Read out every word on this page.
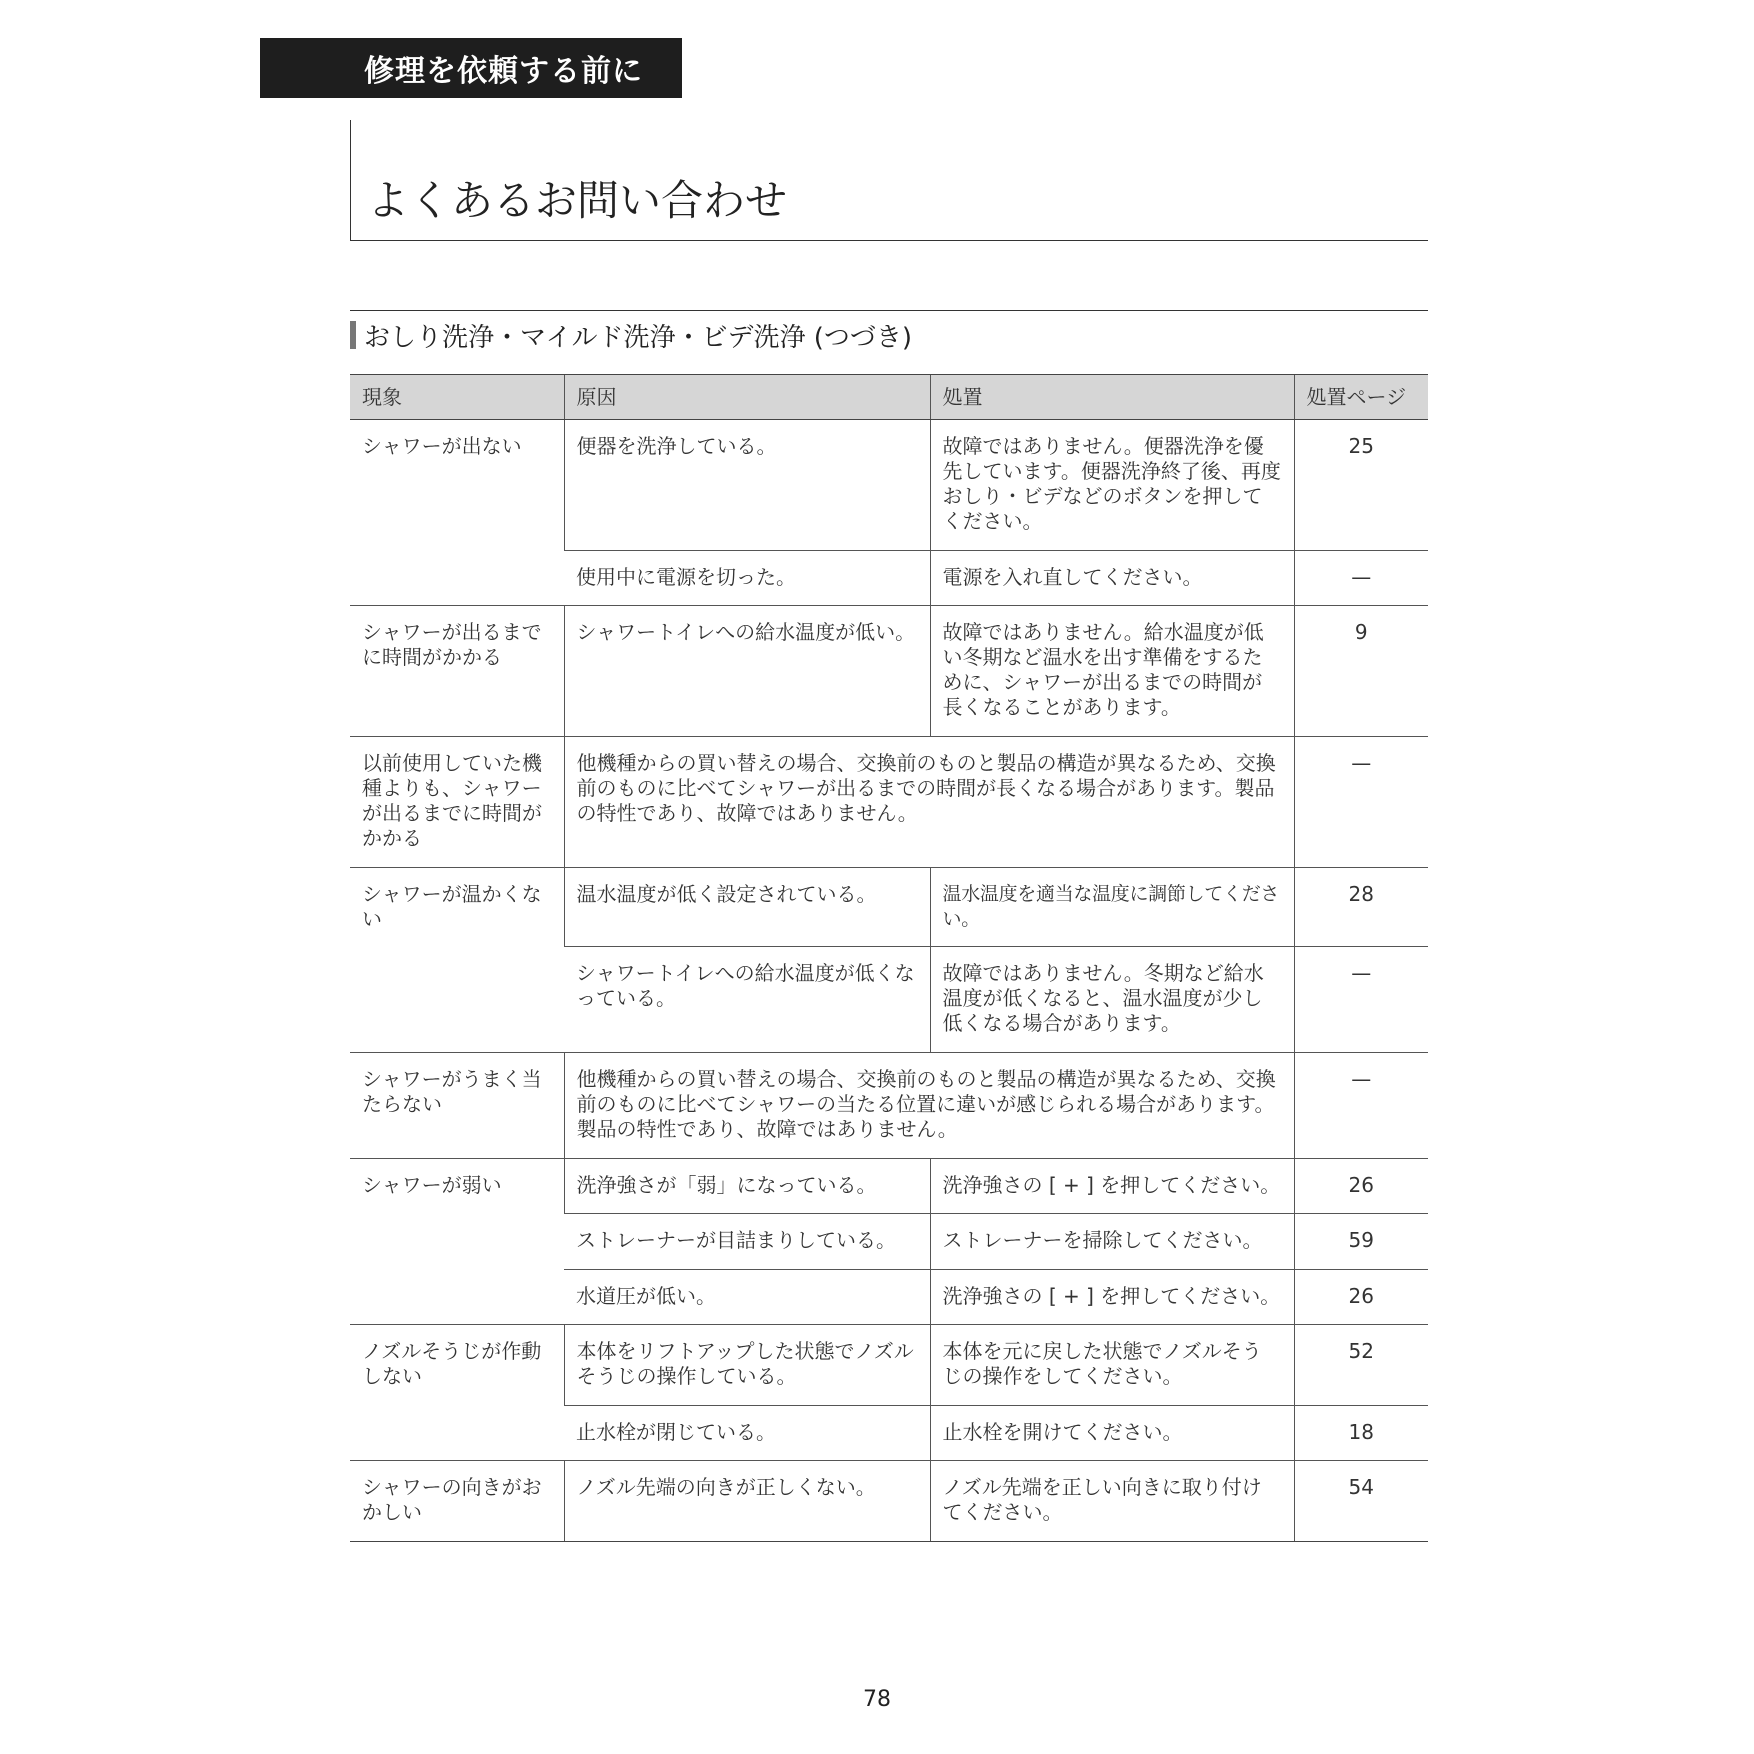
修理を依頼する前に
よくあるお問い合わせ
おしり洗浄・マイルド洗浄・ビデ洗浄 (つづき)
現象	原因	処置	処置ページ
シャワーが出ない	便器を洗浄している。	故障ではありません。便器洗浄を優先しています。便器洗浄終了後、再度おしり・ビデなどのボタンを押してください。	25
	使用中に電源を切った。	電源を入れ直してください。	—
シャワーが出るまでに時間がかかる	シャワートイレへの給水温度が低い。	故障ではありません。給水温度が低い冬期など温水を出す準備をするために、シャワーが出るまでの時間が長くなることがあります。	9
以前使用していた機種よりも、シャワーが出るまでに時間がかかる	他機種からの買い替えの場合、交換前のものと製品の構造が異なるため、交換前のものに比べてシャワーが出るまでの時間が長くなる場合があります。製品の特性であり、故障ではありません。		—
シャワーが温かくない	温水温度が低く設定されている。	温水温度を適当な温度に調節してください。	28
	シャワートイレへの給水温度が低くなっている。	故障ではありません。冬期など給水温度が低くなると、温水温度が少し低くなる場合があります。	—
シャワーがうまく当たらない	他機種からの買い替えの場合、交換前のものと製品の構造が異なるため、交換前のものに比べてシャワーの当たる位置に違いが感じられる場合があります。製品の特性であり、故障ではありません。		—
シャワーが弱い	洗浄強さが「弱」になっている。	洗浄強さの [ + ] を押してください。	26
	ストレーナーが目詰まりしている。	ストレーナーを掃除してください。	59
	水道圧が低い。	洗浄強さの [ + ] を押してください。	26
ノズルそうじが作動しない	本体をリフトアップした状態でノズルそうじの操作している。	本体を元に戻した状態でノズルそうじの操作をしてください。	52
	止水栓が閉じている。	止水栓を開けてください。	18
シャワーの向きがおかしい	ノズル先端の向きが正しくない。	ノズル先端を正しい向きに取り付けてください。	54
78
